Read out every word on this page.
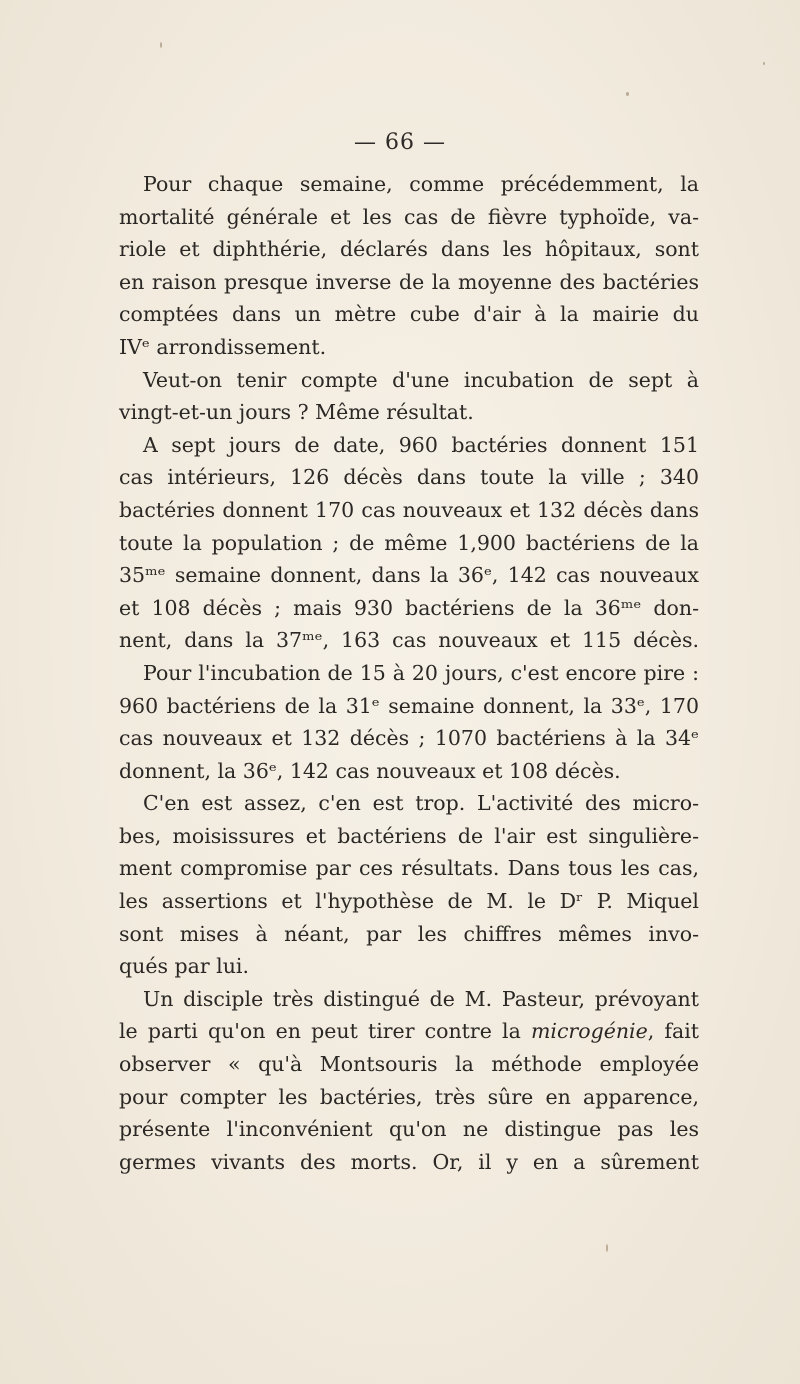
— 66 —
Pour chaque semaine, comme précédemment, la
mortalité générale et les cas de fièvre typhoïde, va-
riole et diphthérie, déclarés dans les hôpitaux, sont
en raison presque inverse de la moyenne des bactéries
comptées dans un mètre cube d'air à la mairie du
IVᵉ arrondissement.
Veut-on tenir compte d'une incubation de sept à
vingt-et-un jours ? Même résultat.
A sept jours de date, 960 bactéries donnent 151
cas intérieurs, 126 décès dans toute la ville ; 340
bactéries donnent 170 cas nouveaux et 132 décès dans
toute la population ; de même 1,900 bactériens de la
35ᵐᵉ semaine donnent, dans la 36ᵉ, 142 cas nouveaux
et 108 décès ; mais 930 bactériens de la 36ᵐᵉ don-
nent, dans la 37ᵐᵉ, 163 cas nouveaux et 115 décès.
Pour l'incubation de 15 à 20 jours, c'est encore pire :
960 bactériens de la 31ᵉ semaine donnent, la 33ᵉ, 170
cas nouveaux et 132 décès ; 1070 bactériens à la 34ᵉ
donnent, la 36ᵉ, 142 cas nouveaux et 108 décès.
C'en est assez, c'en est trop. L'activité des micro-
bes, moisissures et bactériens de l'air est singulière-
ment compromise par ces résultats. Dans tous les cas,
les assertions et l'hypothèse de M. le Dʳ P. Miquel
sont mises à néant, par les chiffres mêmes invo-
qués par lui.
Un disciple très distingué de M. Pasteur, prévoyant
le parti qu'on en peut tirer contre la microgénie, fait
observer « qu'à Montsouris la méthode employée
pour compter les bactéries, très sûre en apparence,
présente l'inconvénient qu'on ne distingue pas les
germes vivants des morts. Or, il y en a sûrement
